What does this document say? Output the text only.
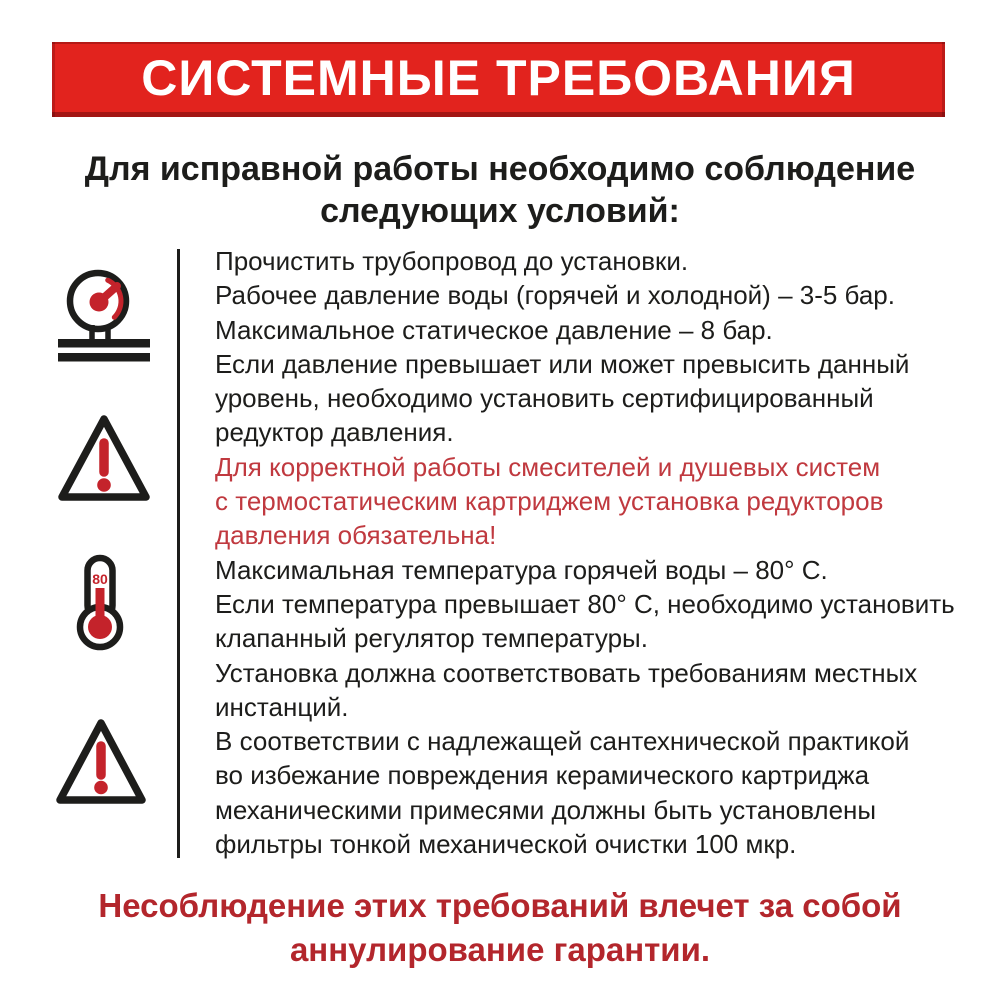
СИСТЕМНЫЕ ТРЕБОВАНИЯ
Для исправной работы необходимо соблюдение
следующих условий:
80
Прочистить трубопровод до установки.
Рабочее давление воды (горячей и холодной) – 3-5 бар.
Максимальное статическое давление – 8 бар.
Если давление превышает или может превысить данный
уровень, необходимо установить сертифицированный
редуктор давления.
Для корректной работы смесителей и душевых систем
с термостатическим картриджем установка редукторов
давления обязательна!
Максимальная температура горячей воды – 80° С.
Если температура превышает 80° С, необходимо установить
клапанный регулятор температуры.
Установка должна соответствовать требованиям местных
инстанций.
В соответствии с надлежащей сантехнической практикой
во избежание повреждения керамического картриджа
механическими примесями должны быть установлены
фильтры тонкой механической очистки 100 мкр.
Несоблюдение этих требований влечет за собой
аннулирование гарантии.
